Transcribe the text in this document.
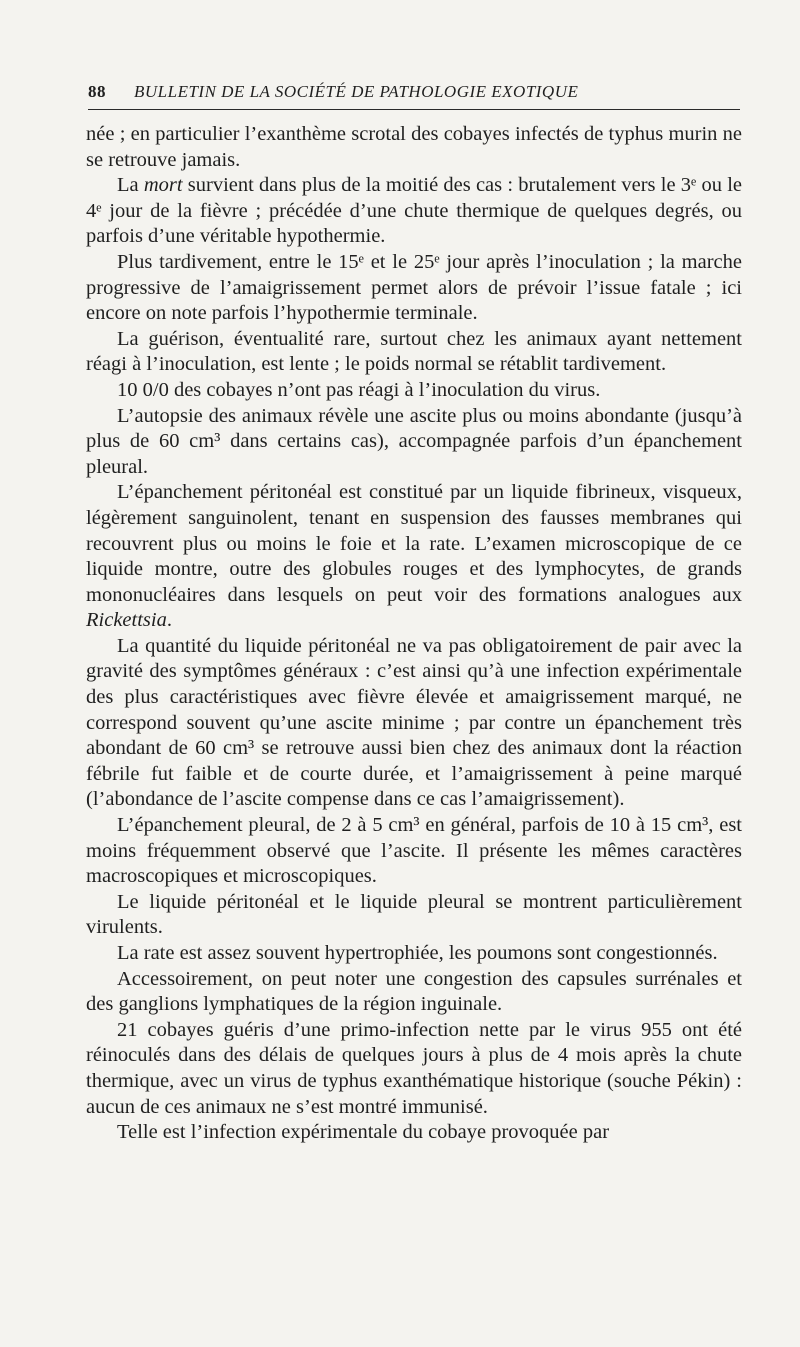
88 BULLETIN DE LA SOCIÉTÉ DE PATHOLOGIE EXOTIQUE

née ; en particulier l’exanthème scrotal des cobayes infectés de typhus murin ne se retrouve jamais.

La mort survient dans plus de la moitié des cas : brutalement vers le 3ᵉ ou le 4ᵉ jour de la fièvre ; précédée d’une chute thermique de quelques degrés, ou parfois d’une véritable hypothermie.

Plus tardivement, entre le 15ᵉ et le 25ᵉ jour après l’inoculation ; la marche progressive de l’amaigrissement permet alors de prévoir l’issue fatale ; ici encore on note parfois l’hypothermie terminale.

La guérison, éventualité rare, surtout chez les animaux ayant nettement réagi à l’inoculation, est lente ; le poids normal se rétablit tardivement.

10 0/0 des cobayes n’ont pas réagi à l’inoculation du virus.

L’autopsie des animaux révèle une ascite plus ou moins abondante (jusqu’à plus de 60 cm³ dans certains cas), accompagnée parfois d’un épanchement pleural.

L’épanchement péritonéal est constitué par un liquide fibrineux, visqueux, légèrement sanguinolent, tenant en suspension des fausses membranes qui recouvrent plus ou moins le foie et la rate. L’examen microscopique de ce liquide montre, outre des globules rouges et des lymphocytes, de grands mononucléaires dans lesquels on peut voir des formations analogues aux Rickettsia.

La quantité du liquide péritonéal ne va pas obligatoirement de pair avec la gravité des symptômes généraux : c’est ainsi qu’à une infection expérimentale des plus caractéristiques avec fièvre élevée et amaigrissement marqué, ne correspond souvent qu’une ascite minime ; par contre un épanchement très abondant de 60 cm³ se retrouve aussi bien chez des animaux dont la réaction fébrile fut faible et de courte durée, et l’amaigrissement à peine marqué (l’abondance de l’ascite compense dans ce cas l’amaigrissement).

L’épanchement pleural, de 2 à 5 cm³ en général, parfois de 10 à 15 cm³, est moins fréquemment observé que l’ascite. Il présente les mêmes caractères macroscopiques et microscopiques.

Le liquide péritonéal et le liquide pleural se montrent particulièrement virulents.

La rate est assez souvent hypertrophiée, les poumons sont congestionnés.

Accessoirement, on peut noter une congestion des capsules surrénales et des ganglions lymphatiques de la région inguinale.

21 cobayes guéris d’une primo-infection nette par le virus 955 ont été réinoculés dans des délais de quelques jours à plus de 4 mois après la chute thermique, avec un virus de typhus exanthématique historique (souche Pékin) : aucun de ces animaux ne s’est montré immunisé.

Telle est l’infection expérimentale du cobaye provoquée par
